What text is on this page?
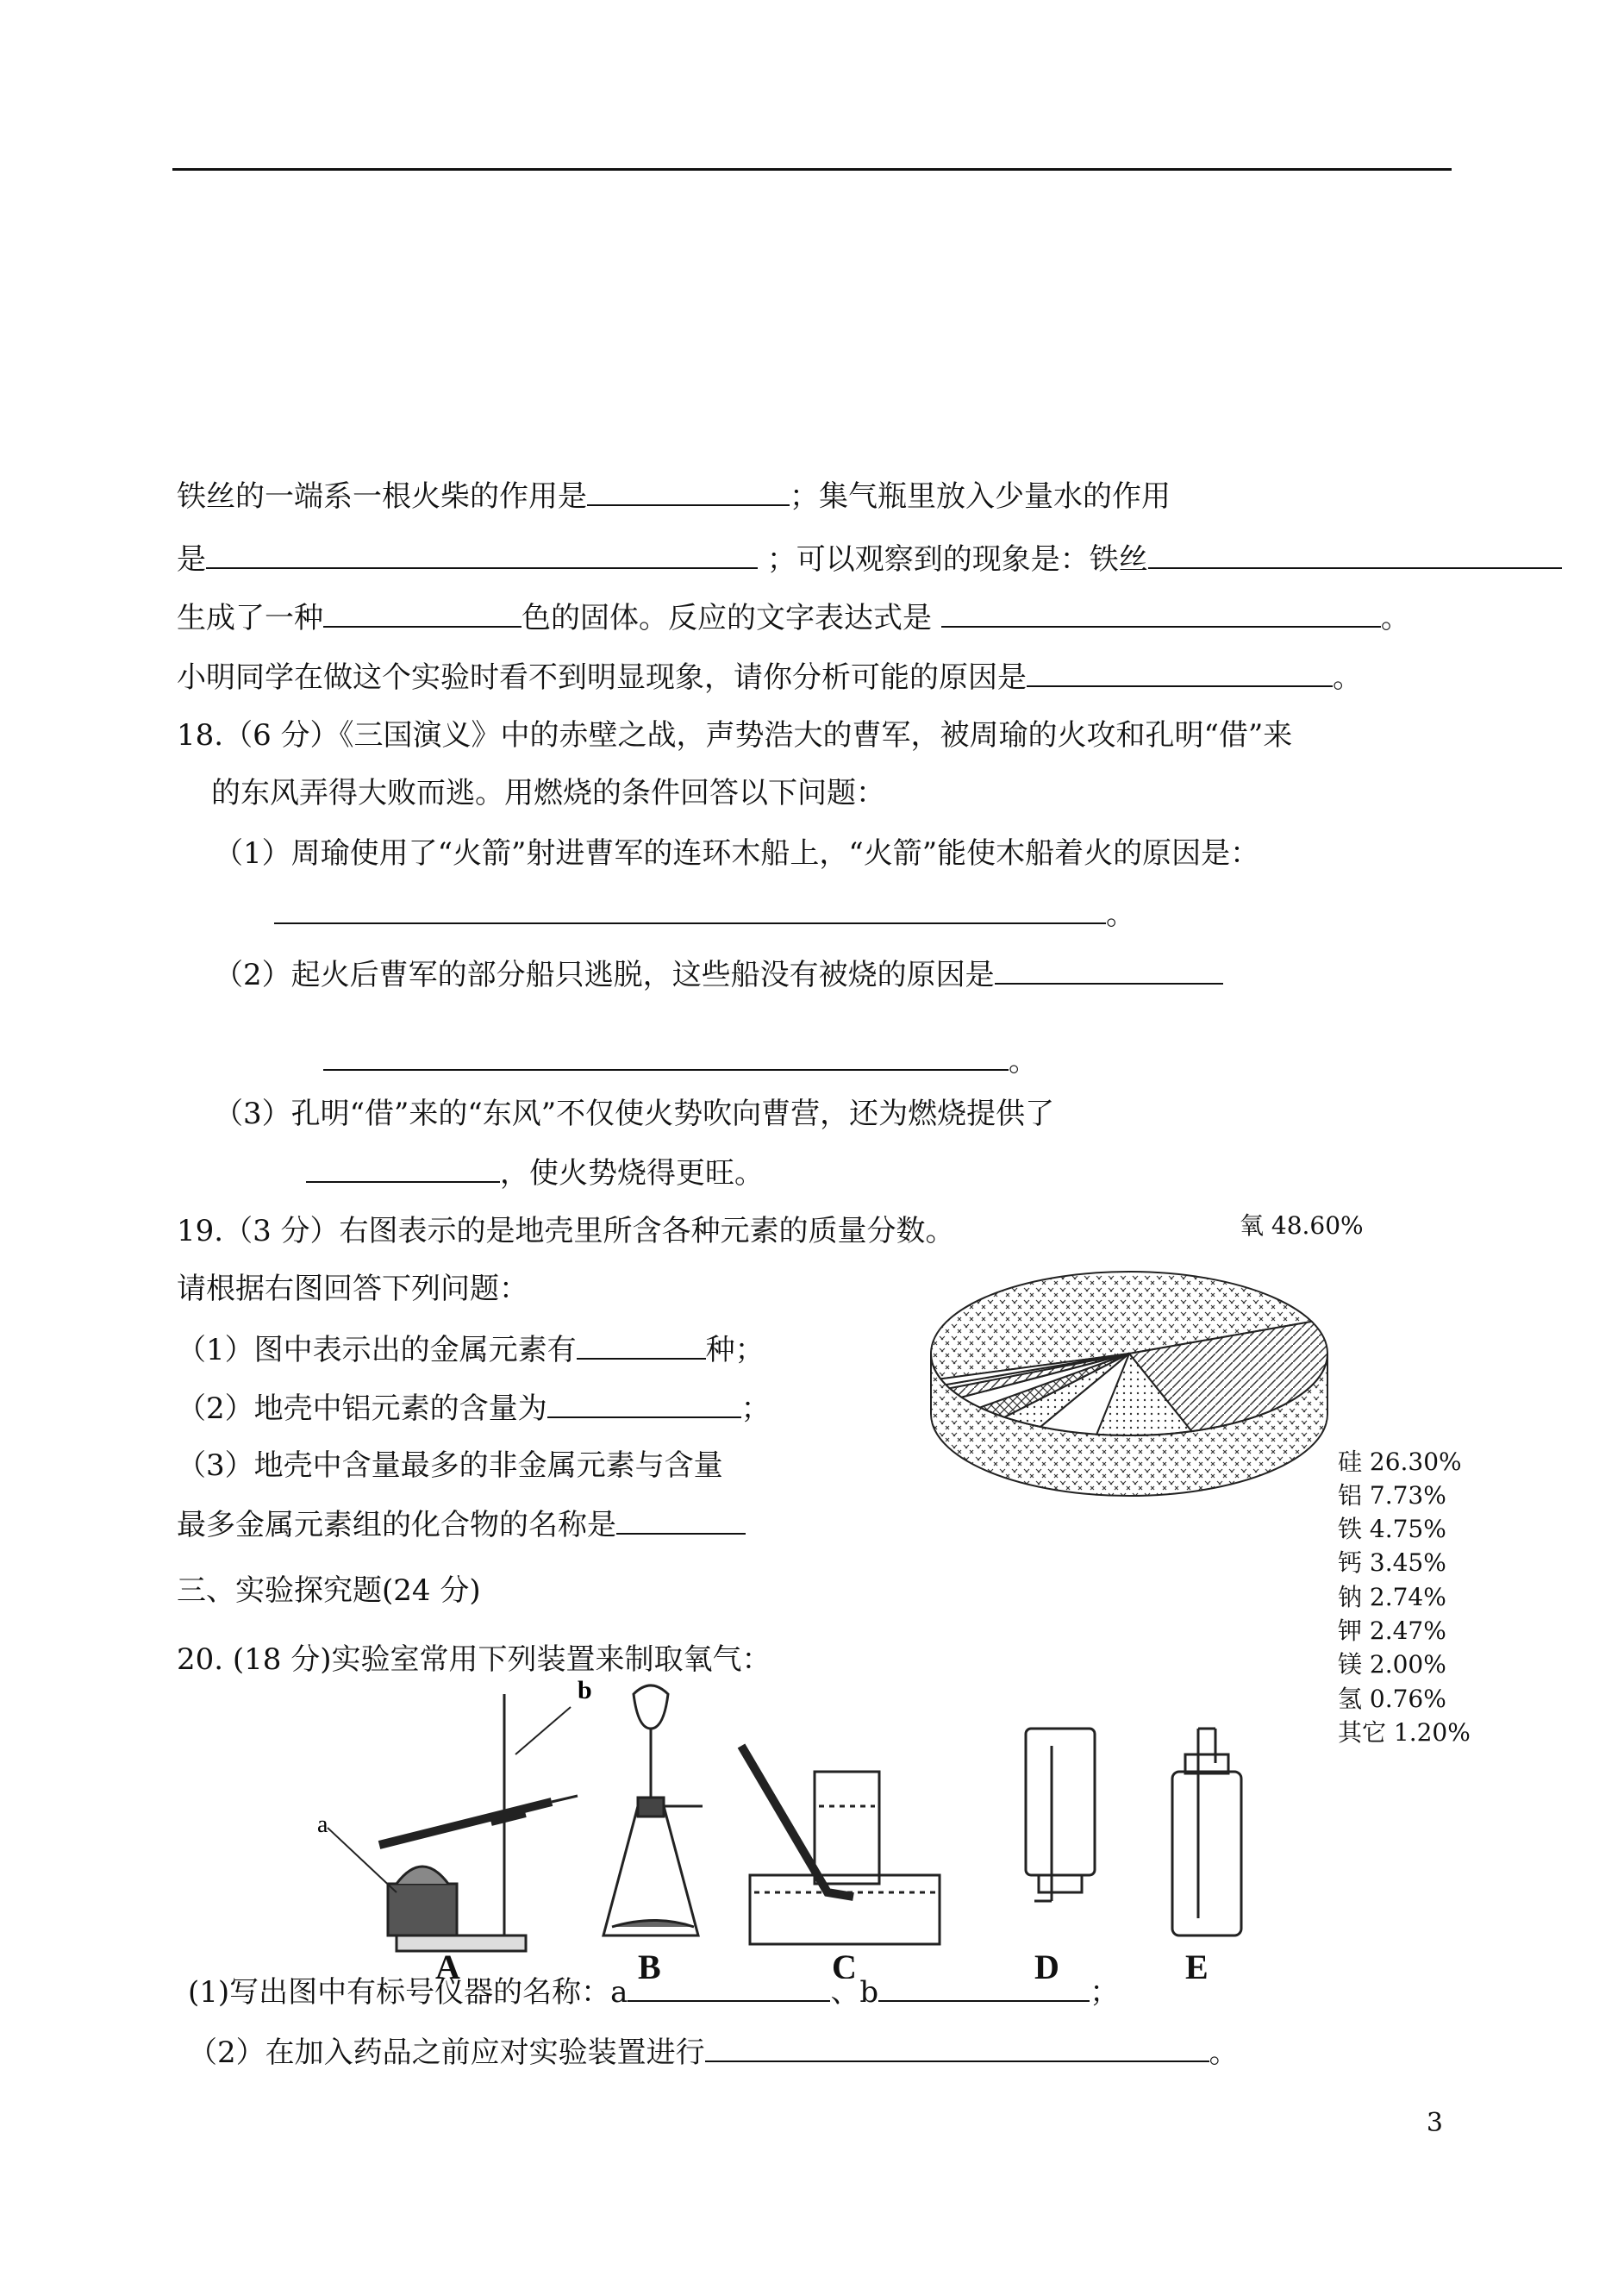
铁丝的一端系一根火柴的作用是	；集气瓶里放入少量水的作用
是	；可以观察到的现象是：铁丝
生成了一种	色的固体。反应的文字表达式是	。
小明同学在做这个实验时看不到明显现象，请你分析可能的原因是	。
18.（6 分）《三国演义》中的赤壁之战，声势浩大的曹军，被周瑜的火攻和孔明“借”来
的东风弄得大败而逃。用燃烧的条件回答以下问题：
（1）周瑜使用了“火箭”射进曹军的连环木船上，“火箭”能使木船着火的原因是：
。
（2）起火后曹军的部分船只逃脱，这些船没有被烧的原因是
。
（3）孔明“借”来的“东风”不仅使火势吹向曹营，还为燃烧提供了
，使火势烧得更旺。
19.（3 分）右图表示的是地壳里所含各种元素的质量分数。
请根据右图回答下列问题：
（1）图中表示出的金属元素有	种；
（2）地壳中铝元素的含量为	；
（3）地壳中含量最多的非金属元素与含量
最多金属元素组的化合物的名称是
三、实验探究题(24 分)
20. (18 分)实验室常用下列装置来制取氧气：
(1)写出图中有标号仪器的名称：a	、b	；
（2）在加入药品之前应对实验装置进行	。
3
氧 48.60%
硅 26.30%
铝 7.73%
铁 4.75%
钙 3.45%
钠 2.74%
钾 2.47%
镁 2.00%
氢 0.76%
其它 1.20%
a
b
A	B	C	D	E
